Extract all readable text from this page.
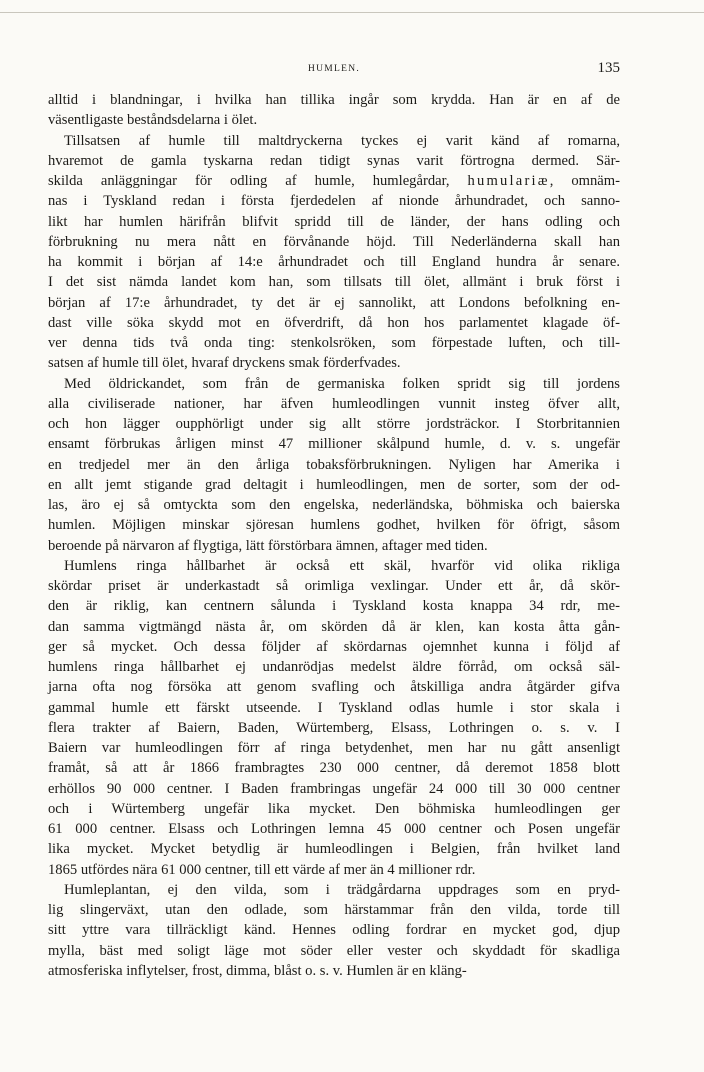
HUMLEN.	135

alltid i blandningar, i hvilka han tillika ingår som krydda. Han är en af de
väsentligaste beståndsdelarna i ölet.

Tillsatsen af humle till maltdryckerna tyckes ej varit känd af romarna,
hvaremot de gamla tyskarna redan tidigt synas varit förtrogna dermed. Sär-
skilda anläggningar för odling af humle, humlegårdar, humulariæ, omnäm-
nas i Tyskland redan i första fjerdedelen af nionde århundradet, och sanno-
likt har humlen härifrån blifvit spridd till de länder, der hans odling och
förbrukning nu mera nått en förvånande höjd. Till Nederländerna skall han
ha kommit i början af 14:e århundradet och till England hundra år senare.
I det sist nämda landet kom han, som tillsats till ölet, allmänt i bruk först i
början af 17:e århundradet, ty det är ej sannolikt, att Londons befolkning en-
dast ville söka skydd mot en öfverdrift, då hon hos parlamentet klagade öf-
ver denna tids två onda ting: stenkolsröken, som förpestade luften, och till-
satsen af humle till ölet, hvaraf dryckens smak förderfvades.

Med öldrickandet, som från de germaniska folken spridt sig till jordens
alla civiliserade nationer, har äfven humleodlingen vunnit insteg öfver allt,
och hon lägger oupphörligt under sig allt större jordsträckor. I Storbritannien
ensamt förbrukas årligen minst 47 millioner skålpund humle, d. v. s. ungefär
en tredjedel mer än den årliga tobaksförbrukningen. Nyligen har Amerika i
en allt jemt stigande grad deltagit i humleodlingen, men de sorter, som der od-
las, äro ej så omtyckta som den engelska, nederländska, böhmiska och baierska
humlen. Möjligen minskar sjöresan humlens godhet, hvilken för öfrigt, såsom
beroende på närvaron af flygtiga, lätt förstörbara ämnen, aftager med tiden.

Humlens ringa hållbarhet är också ett skäl, hvarför vid olika rikliga
skördar priset är underkastadt så orimliga vexlingar. Under ett år, då skör-
den är riklig, kan centnern sålunda i Tyskland kosta knappa 34 rdr, me-
dan samma vigtmängd nästa år, om skörden då är klen, kan kosta åtta gån-
ger så mycket. Och dessa följder af skördarnas ojemnhet kunna i följd af
humlens ringa hållbarhet ej undanrödjas medelst äldre förråd, om också säl-
jarna ofta nog försöka att genom svafling och åtskilliga andra åtgärder gifva
gammal humle ett färskt utseende. I Tyskland odlas humle i stor skala i
flera trakter af Baiern, Baden, Würtemberg, Elsass, Lothringen o. s. v. I
Baiern var humleodlingen förr af ringa betydenhet, men har nu gått ansenligt
framåt, så att år 1866 frambragtes 230 000 centner, då deremot 1858 blott
erhöllos 90 000 centner. I Baden frambringas ungefär 24 000 till 30 000 centner
och i Würtemberg ungefär lika mycket. Den böhmiska humleodlingen ger
61 000 centner. Elsass och Lothringen lemna 45 000 centner och Posen ungefär
lika mycket. Mycket betydlig är humleodlingen i Belgien, från hvilket land
1865 utfördes nära 61 000 centner, till ett värde af mer än 4 millioner rdr.

Humleplantan, ej den vilda, som i trädgårdarna uppdrages som en pryd-
lig slingerväxt, utan den odlade, som härstammar från den vilda, torde till
sitt yttre vara tillräckligt känd. Hennes odling fordrar en mycket god, djup
mylla, bäst med soligt läge mot söder eller vester och skyddadt för skadliga
atmosferiska inflytelser, frost, dimma, blåst o. s. v. Humlen är en kläng-
